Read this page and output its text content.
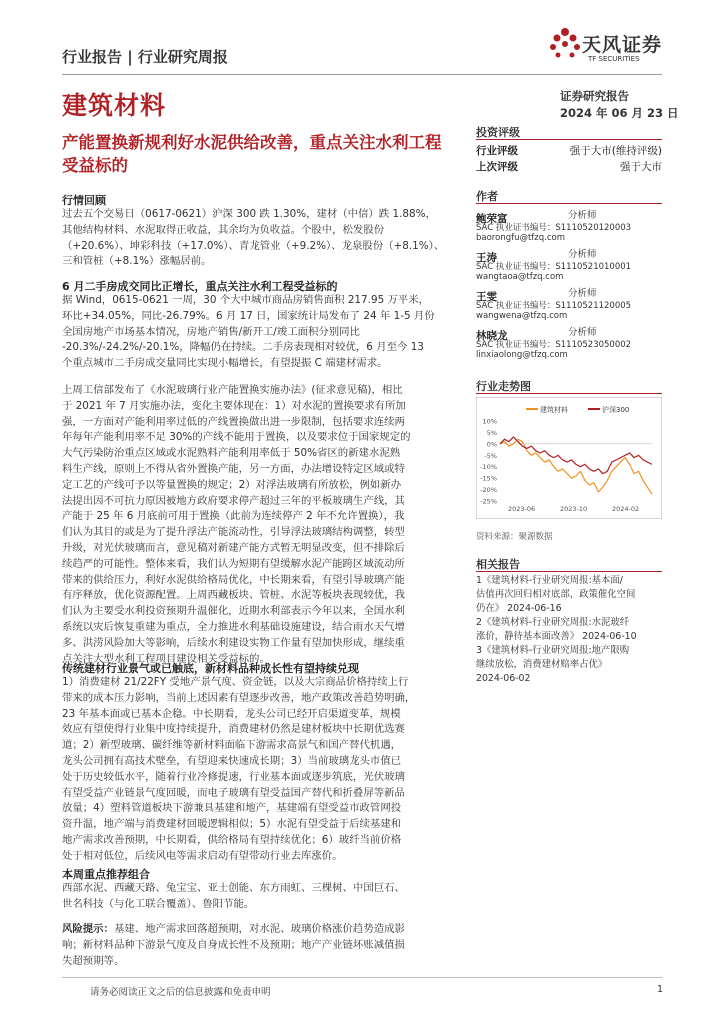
行业报告 | 行业研究周报
天风证券
TF SECURITIES
建筑材料	证券研究报告
2024 年 06 月 23 日
产能置换新规利好水泥供给改善，重点关注水利工程
受益标的
行情回顾
过去五个交易日（0617-0621）沪深 300 跌 1.30%，建材（中信）跌 1.88%，
其他结构材料、水泥取得正收益，其余均为负收益。个股中，松发股份
（+20.6%）、坤彩科技（+17.0%）、青龙管业（+9.2%）、龙泉股份（+8.1%）、
三和管桩（+8.1%）涨幅居前。
6 月二手房成交同比正增长，重点关注水利工程受益标的
据 Wind，0615-0621 一周，30 个大中城市商品房销售面积 217.95 万平米，
环比+34.05%，同比-26.79%。6 月 17 日，国家统计局发布了 24 年 1-5 月份
全国房地产市场基本情况，房地产销售/新开工/竣工面积分别同比
-20.3%/-24.2%/-20.1%，降幅仍在持续。二手房表现相对较优，6 月至今 13
个重点城市二手房成交量同比实现小幅增长，有望提振 C 端建材需求。
上周工信部发布了《水泥玻璃行业产能置换实施办法》(征求意见稿)，相比
于 2021 年 7 月实施办法，变化主要体现在：1）对水泥的置换要求有所加
强，一方面对产能利用率过低的产线置换做出进一步限制，包括要求连续两
年每年产能利用率不足 30%的产线不能用于置换，以及要求位于国家规定的
大气污染防治重点区域或水泥熟料产能利用率低于 50%省区的新建水泥熟
料生产线，原则上不得从省外置换产能，另一方面，办法增设特定区域或特
定工艺的产线可予以等量置换的规定；2）对浮法玻璃有所放松，例如新办
法提出因不可抗力原因被地方政府要求停产超过三年的平板玻璃生产线，其
产能于 25 年 6 月底前可用于置换（此前为连续停产 2 年不允许置换），我
们认为其目的或是为了提升浮法产能流动性，引导浮法玻璃结构调整，转型
升级，对光伏玻璃而言，意见稿对新建产能方式暂无明显改变，但不排除后
续趋严的可能性。整体来看，我们认为短期有望缓解水泥产能跨区域流动所
带来的供给压力，利好水泥供给格局优化，中长期来看，有望引导玻璃产能
有序释放，优化资源配置。上周西藏板块、管桩、水泥等板块表现较优，我
们认为主要受水利投资预期升温催化，近期水利部表示今年以来，全国水利
系统以灾后恢复重建为重点，全力推进水利基础设施建设，结合雨水天气增
多、洪涝风险加大等影响，后续水利建设实物工作量有望加快形成，继续重
点关注大型水利工程项目建设相关受益标的。
传统建材行业景气或已触底，新材料品种成长性有望持续兑现
1）消费建材 21/22FY 受地产景气度、资金链，以及大宗商品价格持续上行
带来的成本压力影响，当前上述因素有望逐步改善，地产政策改善趋势明确，
23 年基本面或已基本企稳。中长期看，龙头公司已经开启渠道变革，规模
效应有望使得行业集中度持续提升，消费建材仍然是建材板块中长期优选赛
道；2）新型玻璃、碳纤维等新材料面临下游需求高景气和国产替代机遇，
龙头公司拥有高技术壁垒，有望迎来快速成长期；3）当前玻璃龙头市值已
处于历史较低水平，随着行业冷修提速，行业基本面或逐步筑底，光伏玻璃
有望受益产业链景气度回暖，而电子玻璃有望受益国产替代和折叠屏等新品
放量；4）塑料管道板块下游兼具基建和地产，基建端有望受益市政管网投
资升温，地产端与消费建材回暖逻辑相似；5）水泥有望受益于后续基建和
地产需求改善预期，中长期看，供给格局有望持续优化；6）玻纤当前价格
处于相对低位，后续风电等需求启动有望带动行业去库涨价。
本周重点推荐组合
西部水泥、西藏天路、兔宝宝、亚士创能、东方雨虹、三棵树、中国巨石、
世名科技（与化工联合覆盖）、鲁阳节能。
风险提示：基建、地产需求回落超预期，对水泥、玻璃价格涨价趋势造成影
响；新材料品种下游景气度及自身成长性不及预期；地产产业链坏账减值损
失超预期等。
投资评级
行业评级	强于大市(维持评级)
上次评级	强于大市
作者
鲍荣富	分析师
SAC 执业证书编号：S1110520120003
baorongfu@tfzq.com
王涛	分析师
SAC 执业证书编号：S1110521010001
wangtaoa@tfzq.com
王雯	分析师
SAC 执业证书编号：S1110521120005
wangwena@tfzq.com
林晓龙	分析师
SAC 执业证书编号：S1110523050002
linxiaolong@tfzq.com
行业走势图
建筑材料	沪深300
10%
5%
0%
-5%
-10%
-15%
-20%
-25%
2023-06	2023-10	2024-02
资料来源：聚源数据
相关报告
1《建筑材料-行业研究周报:基本面/
估值再次回归相对底部，政策催化空间
仍在》 2024-06-16
2《建筑材料-行业研究周报:水泥玻纤
涨价，静待基本面改善》 2024-06-10
3《建筑材料-行业研究周报:地产限购
继续放松，消费建材赔率占优》
2024-06-02
请务必阅读正文之后的信息披露和免责申明	1
